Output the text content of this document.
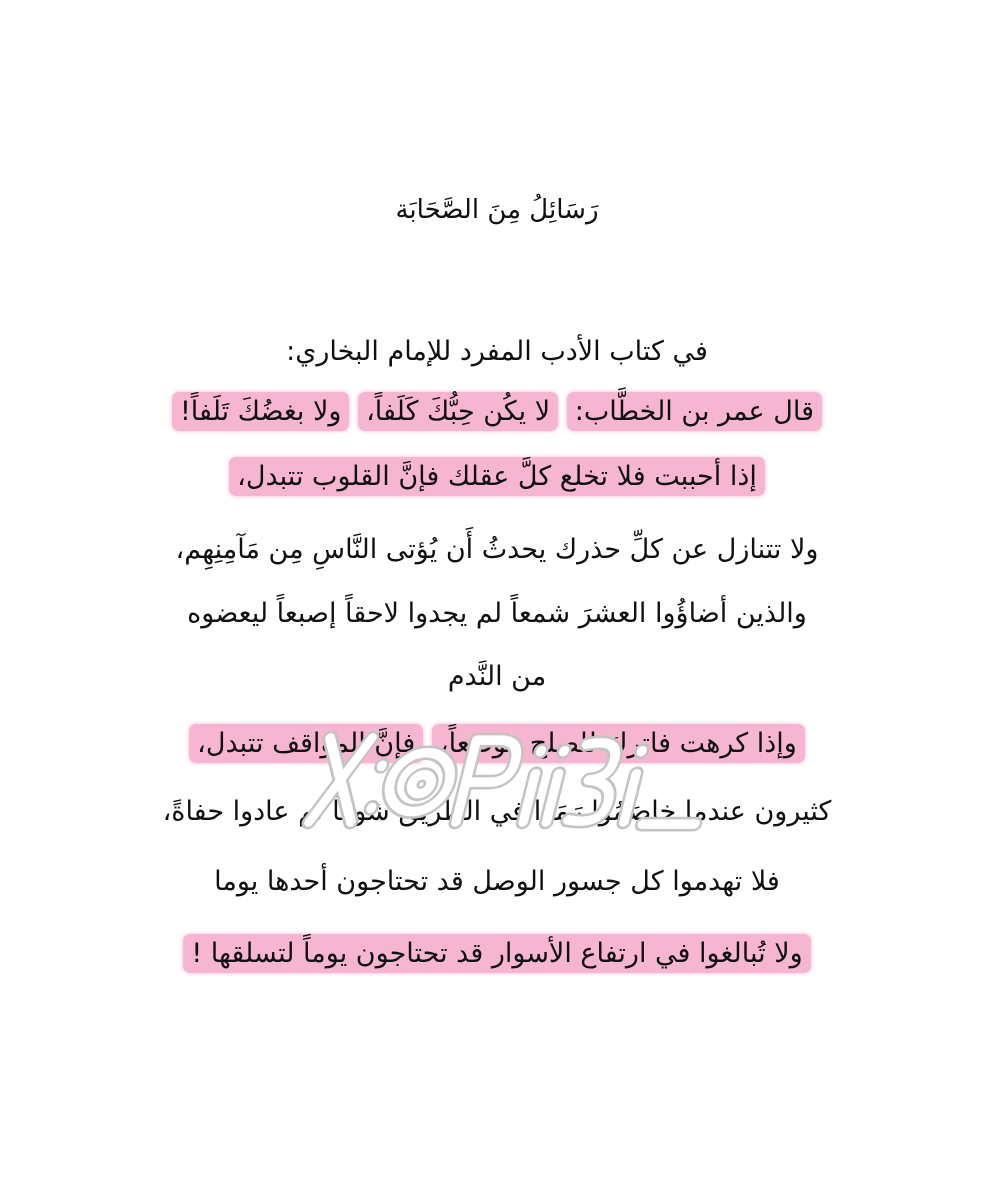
رَسَائِلُ مِنَ الصَّحَابَة
في كتاب الأدب المفرد للإمام البخاري:
قال عمر بن الخطَّاب: لا يكُن حِبُّكَ كَلَفاً، ولا بغضُكَ تَلَفاً!
إذا أحببت فلا تخلع كلَّ عقلك فإنَّ القلوب تتبدل،
ولا تتنازل عن كلِّ حذرك يحدثُ أَن يُؤتى النَّاسِ مِن مَآمِنِهِم،
والذين أضاؤُوا العشرَ شمعاً لم يجدوا لاحقاً إصبعاً ليعضوه
من النَّدم
وإذا كرهت فاترك للصلح موضعاً، فإنَّ المواقف تتبدل،
كثيرون عندما خاصَمُوا رَمَوا في الطريق شوكاً ثم عادوا حفاةً،
فلا تهدموا كل جسور الوصل قد تحتاجون أحدها يوما
ولا تُبالغوا في ارتفاع الأسوار قد تحتاجون يوماً لتسلقها !
